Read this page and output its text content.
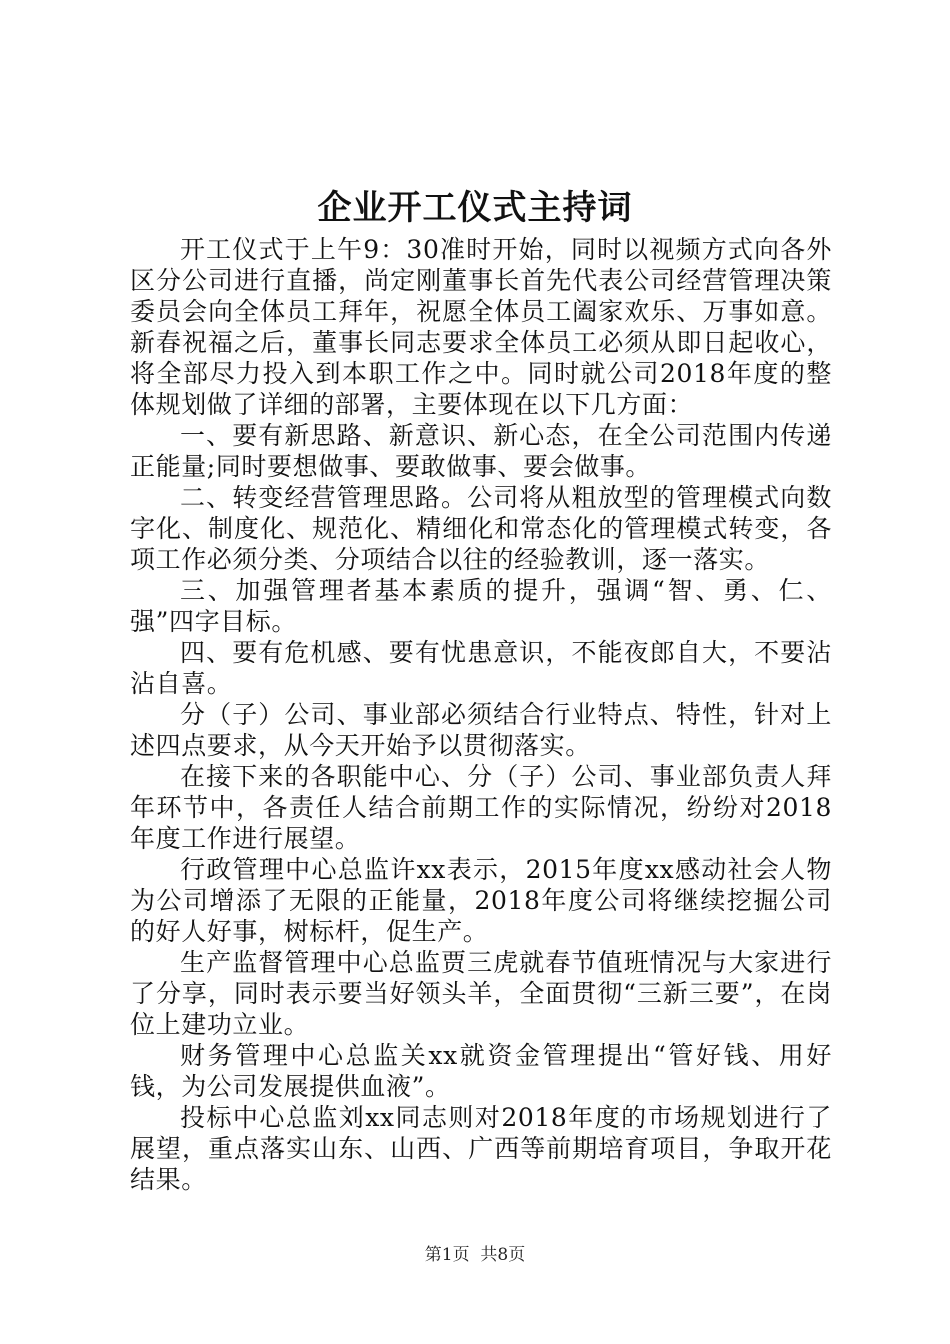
企业开工仪式主持词

开工仪式于上午9：30准时开始，同时以视频方式向各外区分公司进行直播，尚定刚董事长首先代表公司经营管理决策委员会向全体员工拜年，祝愿全体员工阖家欢乐、万事如意。新春祝福之后，董事长同志要求全体员工必须从即日起收心，将全部尽力投入到本职工作之中。同时就公司2018年度的整体规划做了详细的部署，主要体现在以下几方面：

一、要有新思路、新意识、新心态，在全公司范围内传递正能量;同时要想做事、要敢做事、要会做事。

二、转变经营管理思路。公司将从粗放型的管理模式向数字化、制度化、规范化、精细化和常态化的管理模式转变，各项工作必须分类、分项结合以往的经验教训，逐一落实。

三、加强管理者基本素质的提升，强调“智、勇、仁、强”四字目标。

四、要有危机感、要有忧患意识，不能夜郎自大，不要沾沾自喜。

分（子）公司、事业部必须结合行业特点、特性，针对上述四点要求，从今天开始予以贯彻落实。

在接下来的各职能中心、分（子）公司、事业部负责人拜年环节中，各责任人结合前期工作的实际情况，纷纷对2018年度工作进行展望。

行政管理中心总监许xx表示，2015年度xx感动社会人物为公司增添了无限的正能量，2018年度公司将继续挖掘公司的好人好事，树标杆，促生产。

生产监督管理中心总监贾三虎就春节值班情况与大家进行了分享，同时表示要当好领头羊，全面贯彻“三新三要”，在岗位上建功立业。

财务管理中心总监关xx就资金管理提出“管好钱、用好钱，为公司发展提供血液”。

投标中心总监刘xx同志则对2018年度的市场规划进行了展望，重点落实山东、山西、广西等前期培育项目，争取开花结果。

第1页 共8页
